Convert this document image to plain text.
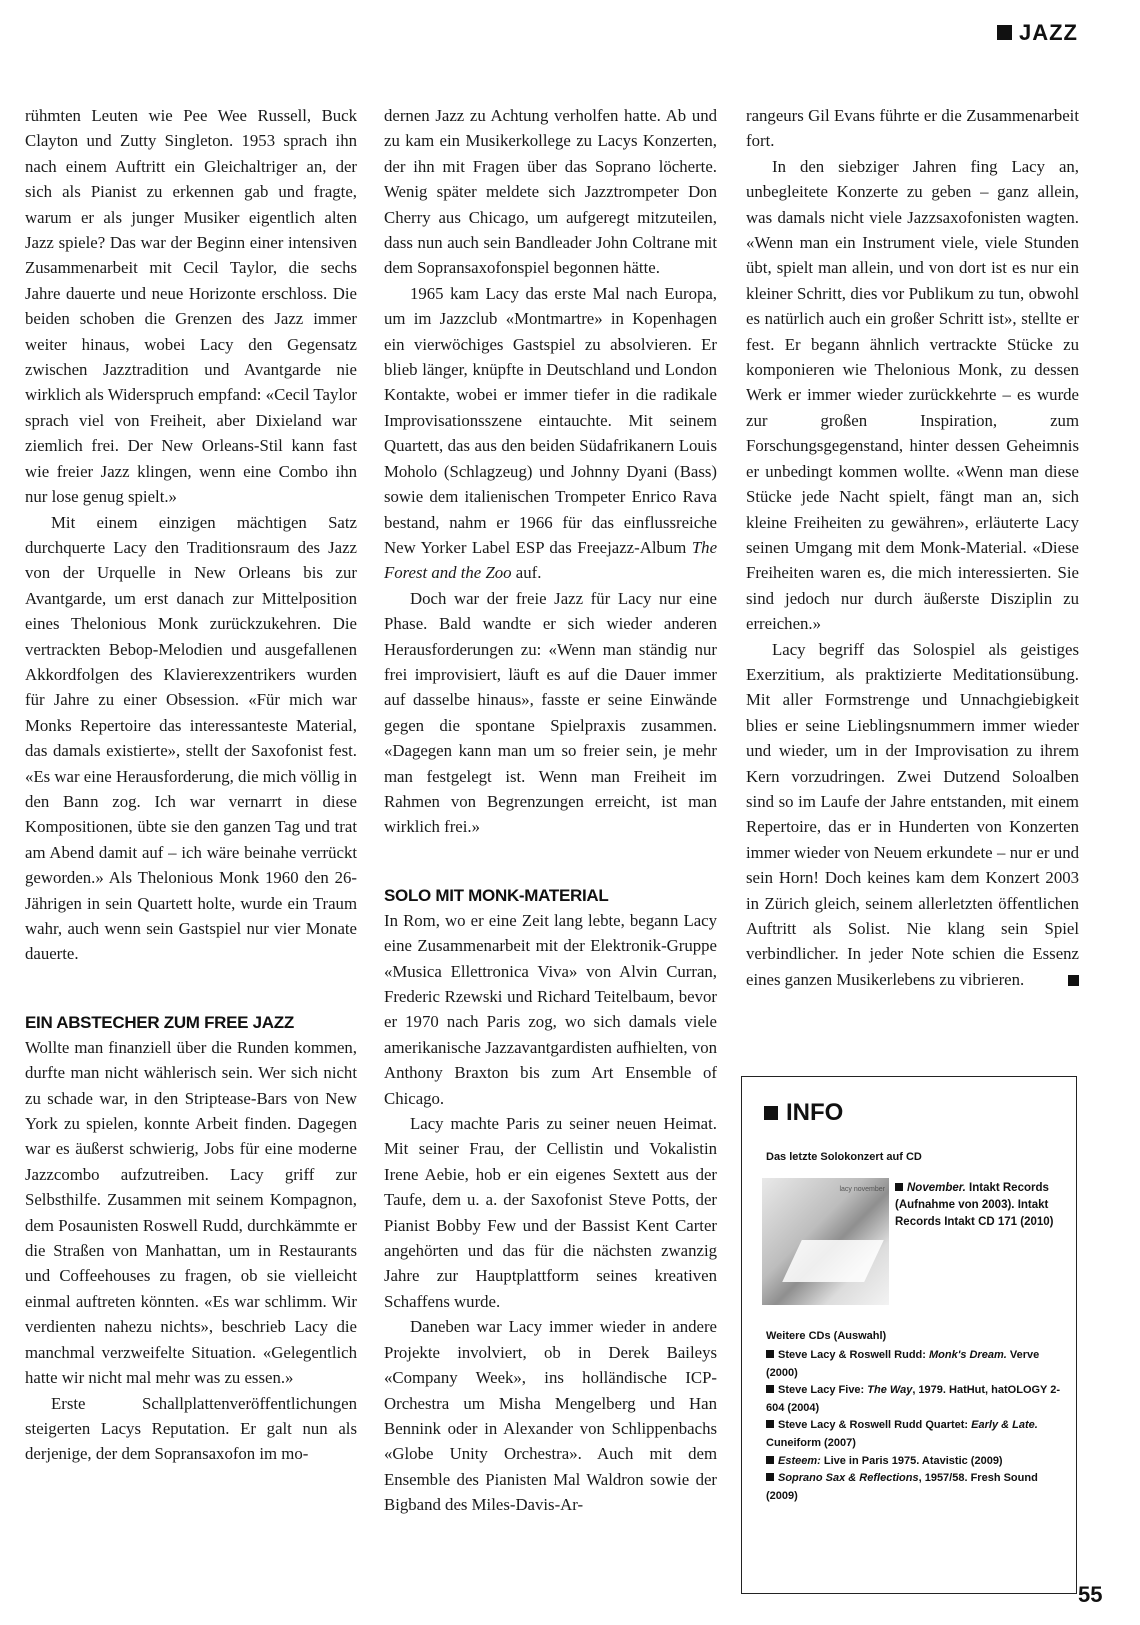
JAZZ

rühmten Leuten wie Pee Wee Russell, Buck Clayton und Zutty Singleton. 1953 sprach ihn nach einem Auftritt ein Gleichaltriger an, der sich als Pianist zu erkennen gab und fragte, warum er als junger Musiker eigentlich alten Jazz spiele? Das war der Beginn einer intensiven Zusammenarbeit mit Cecil Taylor, die sechs Jahre dauerte und neue Horizonte erschloss. Die beiden schoben die Grenzen des Jazz immer weiter hinaus, wobei Lacy den Gegensatz zwischen Jazztradition und Avantgarde nie wirklich als Widerspruch empfand: «Cecil Taylor sprach viel von Freiheit, aber Dixieland war ziemlich frei. Der New Orleans-Stil kann fast wie freier Jazz klingen, wenn eine Combo ihn nur lose genug spielt.»

Mit einem einzigen mächtigen Satz durchquerte Lacy den Traditionsraum des Jazz von der Urquelle in New Orleans bis zur Avantgarde, um erst danach zur Mittelposition eines Thelonious Monk zurückzukehren. Die vertrackten Bebop-Melodien und ausgefallenen Akkordfolgen des Klavierexzentrikers wurden für Jahre zu einer Obsession. «Für mich war Monks Repertoire das interessanteste Material, das damals existierte», stellt der Saxofonist fest. «Es war eine Herausforderung, die mich völlig in den Bann zog. Ich war vernarrt in diese Kompositionen, übte sie den ganzen Tag und trat am Abend damit auf – ich wäre beinahe verrückt geworden.» Als Thelonious Monk 1960 den 26-Jährigen in sein Quartett holte, wurde ein Traum wahr, auch wenn sein Gastspiel nur vier Monate dauerte.

EIN ABSTECHER ZUM FREE JAZZ

Wollte man finanziell über die Runden kommen, durfte man nicht wählerisch sein. Wer sich nicht zu schade war, in den Striptease-Bars von New York zu spielen, konnte Arbeit finden. Dagegen war es äußerst schwierig, Jobs für eine moderne Jazzcombo aufzutreiben. Lacy griff zur Selbsthilfe. Zusammen mit seinem Kompagnon, dem Posaunisten Roswell Rudd, durchkämmte er die Straßen von Manhattan, um in Restaurants und Coffeehouses zu fragen, ob sie vielleicht einmal auftreten könnten. «Es war schlimm. Wir verdienten nahezu nichts», beschrieb Lacy die manchmal verzweifelte Situation. «Gelegentlich hatte wir nicht mal mehr was zu essen.»

Erste Schallplattenveröffentlichungen steigerten Lacys Reputation. Er galt nun als derjenige, der dem Sopransaxofon im mo-

dernen Jazz zu Achtung verholfen hatte. Ab und zu kam ein Musikerkollege zu Lacys Konzerten, der ihn mit Fragen über das Soprano löcherte. Wenig später meldete sich Jazztrompeter Don Cherry aus Chicago, um aufgeregt mitzuteilen, dass nun auch sein Bandleader John Coltrane mit dem Sopransaxofonspiel begonnen hätte.

1965 kam Lacy das erste Mal nach Europa, um im Jazzclub «Montmartre» in Kopenhagen ein vierwöchiges Gastspiel zu absolvieren. Er blieb länger, knüpfte in Deutschland und London Kontakte, wobei er immer tiefer in die radikale Improvisationsszene eintauchte. Mit seinem Quartett, das aus den beiden Südafrikanern Louis Moholo (Schlagzeug) und Johnny Dyani (Bass) sowie dem italienischen Trompeter Enrico Rava bestand, nahm er 1966 für das einflussreiche New Yorker Label ESP das Freejazz-Album The Forest and the Zoo auf.

Doch war der freie Jazz für Lacy nur eine Phase. Bald wandte er sich wieder anderen Herausforderungen zu: «Wenn man ständig nur frei improvisiert, läuft es auf die Dauer immer auf dasselbe hinaus», fasste er seine Einwände gegen die spontane Spielpraxis zusammen. «Dagegen kann man um so freier sein, je mehr man festgelegt ist. Wenn man Freiheit im Rahmen von Begrenzungen erreicht, ist man wirklich frei.»

SOLO MIT MONK-MATERIAL

In Rom, wo er eine Zeit lang lebte, begann Lacy eine Zusammenarbeit mit der Elektronik-Gruppe «Musica Ellettronica Viva» von Alvin Curran, Frederic Rzewski und Richard Teitelbaum, bevor er 1970 nach Paris zog, wo sich damals viele amerikanische Jazzavantgardisten aufhielten, von Anthony Braxton bis zum Art Ensemble of Chicago.

Lacy machte Paris zu seiner neuen Heimat. Mit seiner Frau, der Cellistin und Vokalistin Irene Aebie, hob er ein eigenes Sextett aus der Taufe, dem u. a. der Saxofonist Steve Potts, der Pianist Bobby Few und der Bassist Kent Carter angehörten und das für die nächsten zwanzig Jahre zur Hauptplattform seines kreativen Schaffens wurde.

Daneben war Lacy immer wieder in andere Projekte involviert, ob in Derek Baileys «Company Week», ins holländische ICP-Orchestra um Misha Mengelberg und Han Bennink oder in Alexander von Schlippenbachs «Globe Unity Orchestra». Auch mit dem Ensemble des Pianisten Mal Waldron sowie der Bigband des Miles-Davis-Ar-

rangeurs Gil Evans führte er die Zusammenarbeit fort.

In den siebziger Jahren fing Lacy an, unbegleitete Konzerte zu geben – ganz allein, was damals nicht viele Jazzsaxofonisten wagten. «Wenn man ein Instrument viele, viele Stunden übt, spielt man allein, und von dort ist es nur ein kleiner Schritt, dies vor Publikum zu tun, obwohl es natürlich auch ein großer Schritt ist», stellte er fest. Er begann ähnlich vertrackte Stücke zu komponieren wie Thelonious Monk, zu dessen Werk er immer wieder zurückkehrte – es wurde zur großen Inspiration, zum Forschungsgegenstand, hinter dessen Geheimnis er unbedingt kommen wollte. «Wenn man diese Stücke jede Nacht spielt, fängt man an, sich kleine Freiheiten zu gewähren», erläuterte Lacy seinen Umgang mit dem Monk-Material. «Diese Freiheiten waren es, die mich interessierten. Sie sind jedoch nur durch äußerste Disziplin zu erreichen.»

Lacy begriff das Solospiel als geistiges Exerzitium, als praktizierte Meditationsübung. Mit aller Formstrenge und Unnachgiebigkeit blies er seine Lieblingsnummern immer wieder und wieder, um in der Improvisation zu ihrem Kern vorzudringen. Zwei Dutzend Soloalben sind so im Laufe der Jahre entstanden, mit einem Repertoire, das er in Hunderten von Konzerten immer wieder von Neuem erkundete – nur er und sein Horn! Doch keines kam dem Konzert 2003 in Zürich gleich, seinem allerletzten öffentlichen Auftritt als Solist. Nie klang sein Spiel verbindlicher. In jeder Note schien die Essenz eines ganzen Musikerlebens zu vibrieren.

INFO
Das letzte Solokonzert auf CD
lacy november	November. Intakt Records (Aufnahme von 2003). Intakt Records Intakt CD 171 (2010)
Weitere CDs (Auswahl)
Steve Lacy & Roswell Rudd: Monk's Dream. Verve (2000)
Steve Lacy Five: The Way, 1979. HatHut, hatOLOGY 2-604 (2004)
Steve Lacy & Roswell Rudd Quartet: Early & Late. Cuneiform (2007)
Esteem: Live in Paris 1975. Atavistic (2009)
Soprano Sax & Reflections, 1957/58. Fresh Sound (2009)
55
